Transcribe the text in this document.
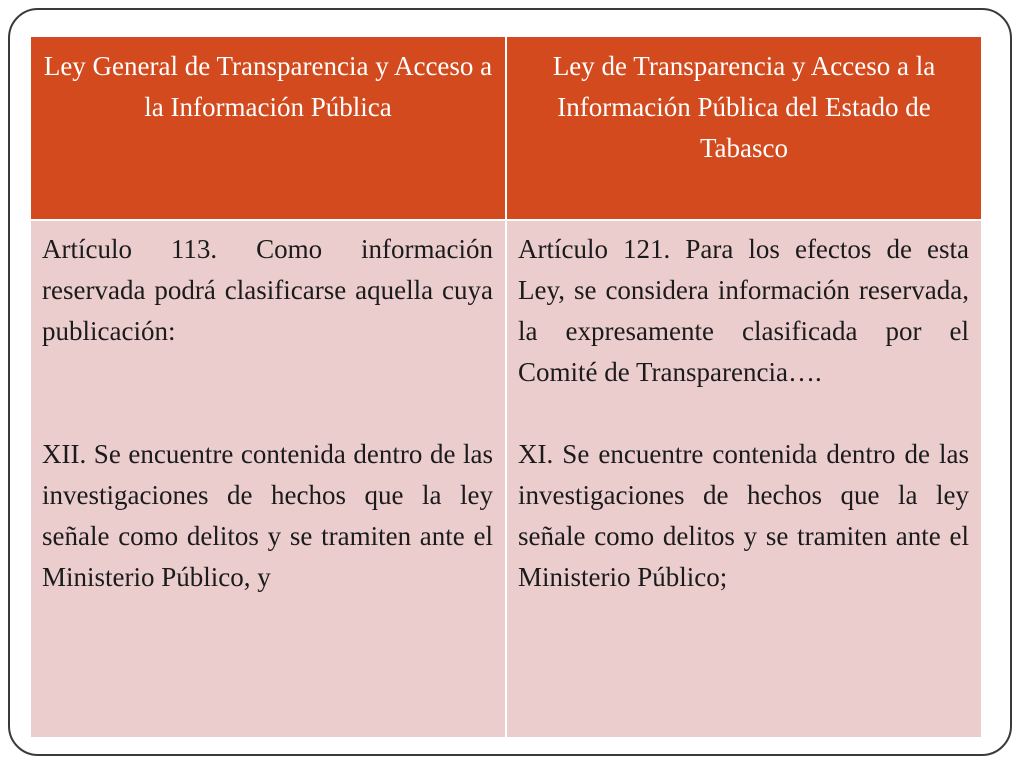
Ley General de Transparencia y Acceso a la Información Pública
Ley de Transparencia y Acceso a la Información Pública del Estado de Tabasco

Artículo 113. Como información reservada podrá clasificarse aquella cuya publicación:

XII. Se encuentre contenida dentro de las investigaciones de hechos que la ley señale como delitos y se tramiten ante el Ministerio Público, y

Artículo 121. Para los efectos de esta Ley, se considera información reservada, la expresamente clasificada por el Comité de Transparencia….

XI. Se encuentre contenida dentro de las investigaciones de hechos que la ley señale como delitos y se tramiten ante el Ministerio Público;
